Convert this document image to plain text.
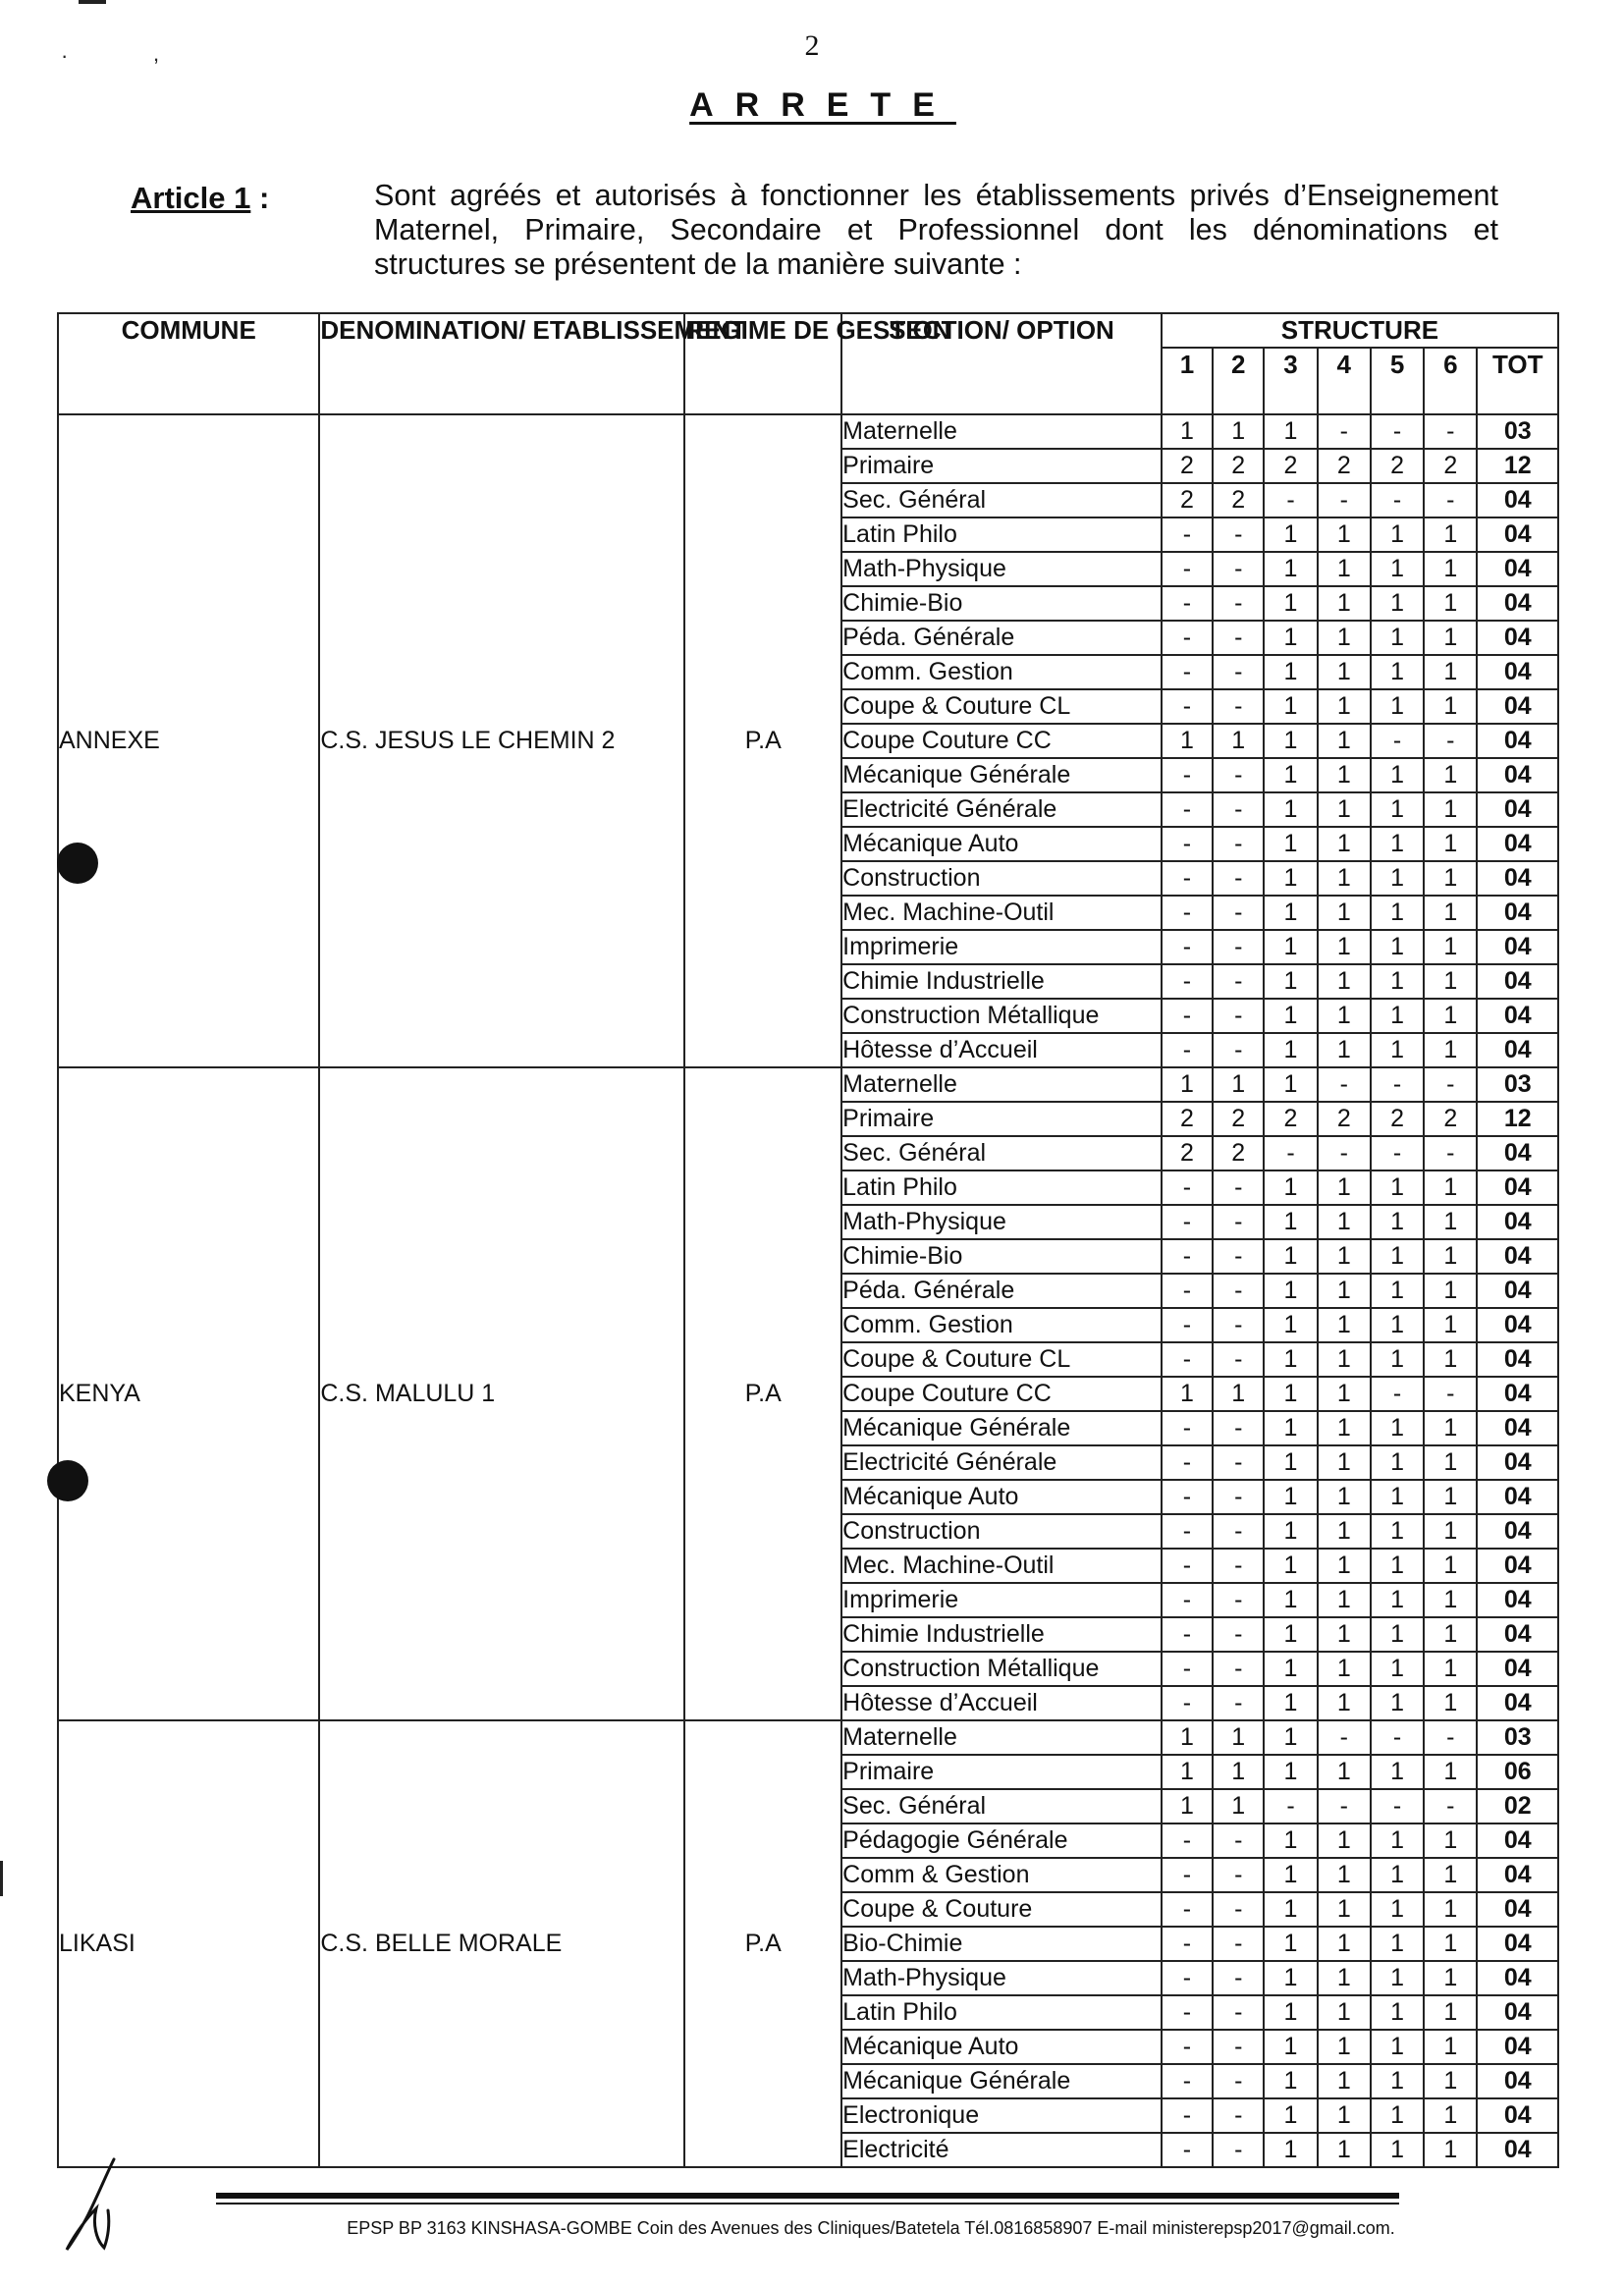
·	,	2
ARRETE
Article 1 :	Sont agréés et autorisés à fonctionner les établissements privés d’Enseignement Maternel, Primaire, Secondaire et Professionnel dont les dénominations et structures se présentent de la manière suivante :
COMMUNE	DENOMINATION/ ETABLISSEMENT	REGIME DE GESTION	SECTION/ OPTION	STRUCTURE						
				1	2	3	4	5	6	TOT
ANNEXE	C.S. JESUS LE CHEMIN 2	P.A	Maternelle	1	1	1	-	-	-	03
			Primaire	2	2	2	2	2	2	12
			Sec. Général	2	2	-	-	-	-	04
			Latin Philo	-	-	1	1	1	1	04
			Math-Physique	-	-	1	1	1	1	04
			Chimie-Bio	-	-	1	1	1	1	04
			Péda. Générale	-	-	1	1	1	1	04
			Comm. Gestion	-	-	1	1	1	1	04
			Coupe & Couture CL	-	-	1	1	1	1	04
			Coupe Couture CC	1	1	1	1	-	-	04
			Mécanique Générale	-	-	1	1	1	1	04
			Electricité Générale	-	-	1	1	1	1	04
			Mécanique Auto	-	-	1	1	1	1	04
			Construction	-	-	1	1	1	1	04
			Mec. Machine-Outil	-	-	1	1	1	1	04
			Imprimerie	-	-	1	1	1	1	04
			Chimie Industrielle	-	-	1	1	1	1	04
			Construction Métallique	-	-	1	1	1	1	04
			Hôtesse d’Accueil	-	-	1	1	1	1	04
KENYA	C.S. MALULU 1	P.A	Maternelle	1	1	1	-	-	-	03
			Primaire	2	2	2	2	2	2	12
			Sec. Général	2	2	-	-	-	-	04
			Latin Philo	-	-	1	1	1	1	04
			Math-Physique	-	-	1	1	1	1	04
			Chimie-Bio	-	-	1	1	1	1	04
			Péda. Générale	-	-	1	1	1	1	04
			Comm. Gestion	-	-	1	1	1	1	04
			Coupe & Couture CL	-	-	1	1	1	1	04
			Coupe Couture CC	1	1	1	1	-	-	04
			Mécanique Générale	-	-	1	1	1	1	04
			Electricité Générale	-	-	1	1	1	1	04
			Mécanique Auto	-	-	1	1	1	1	04
			Construction	-	-	1	1	1	1	04
			Mec. Machine-Outil	-	-	1	1	1	1	04
			Imprimerie	-	-	1	1	1	1	04
			Chimie Industrielle	-	-	1	1	1	1	04
			Construction Métallique	-	-	1	1	1	1	04
			Hôtesse d’Accueil	-	-	1	1	1	1	04
LIKASI	C.S. BELLE MORALE	P.A	Maternelle	1	1	1	-	-	-	03
			Primaire	1	1	1	1	1	1	06
			Sec. Général	1	1	-	-	-	-	02
			Pédagogie Générale	-	-	1	1	1	1	04
			Comm & Gestion	-	-	1	1	1	1	04
			Coupe & Couture	-	-	1	1	1	1	04
			Bio-Chimie	-	-	1	1	1	1	04
			Math-Physique	-	-	1	1	1	1	04
			Latin Philo	-	-	1	1	1	1	04
			Mécanique Auto	-	-	1	1	1	1	04
			Mécanique Générale	-	-	1	1	1	1	04
			Electronique	-	-	1	1	1	1	04
			Electricité	-	-	1	1	1	1	04
EPSP BP 3163 KINSHASA-GOMBE Coin des Avenues des Cliniques/Batetela Tél.0816858907 E-mail ministerepsp2017@gmail.com.
